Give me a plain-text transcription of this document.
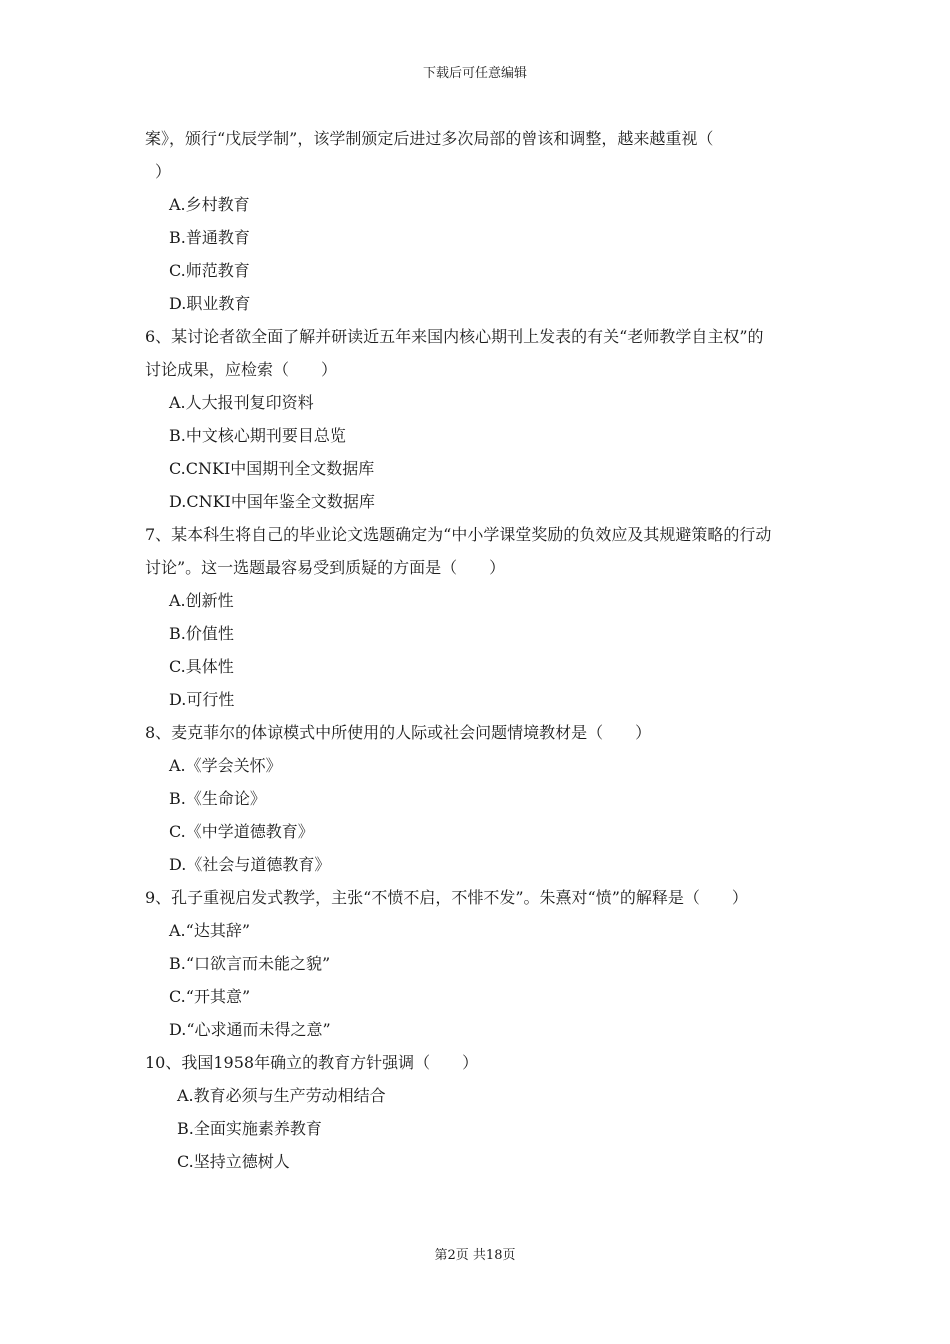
下载后可任意编辑
案》，颁行“戊辰学制”，该学制颁定后进过多次局部的曾该和调整，越来越重视（
）
A.乡村教育
B.普通教育
C.师范教育
D.职业教育
6、某讨论者欲全面了解并研读近五年来国内核心期刊上发表的有关“老师教学自主权”的
讨论成果，应检索（　　）
A.人大报刊复印资料
B.中文核心期刊要目总览
C.CNKI中国期刊全文数据库
D.CNKI中国年鉴全文数据库
7、某本科生将自己的毕业论文选题确定为“中小学课堂奖励的负效应及其规避策略的行动
讨论”。这一选题最容易受到质疑的方面是（　　）
A.创新性
B.价值性
C.具体性
D.可行性
8、麦克菲尔的体谅模式中所使用的人际或社会问题情境教材是（　　）
A.《学会关怀》
B.《生命论》
C.《中学道德教育》
D.《社会与道德教育》
9、孔子重视启发式教学，主张“不愤不启，不悱不发”。朱熹对“愤”的解释是（　　）
A.“达其辞”
B.“口欲言而未能之貌”
C.“开其意”
D.“心求通而未得之意”
10、我国1958年确立的教育方针强调（　　）
A.教育必须与生产劳动相结合
B.全面实施素养教育
C.坚持立德树人
第2页 共18页
